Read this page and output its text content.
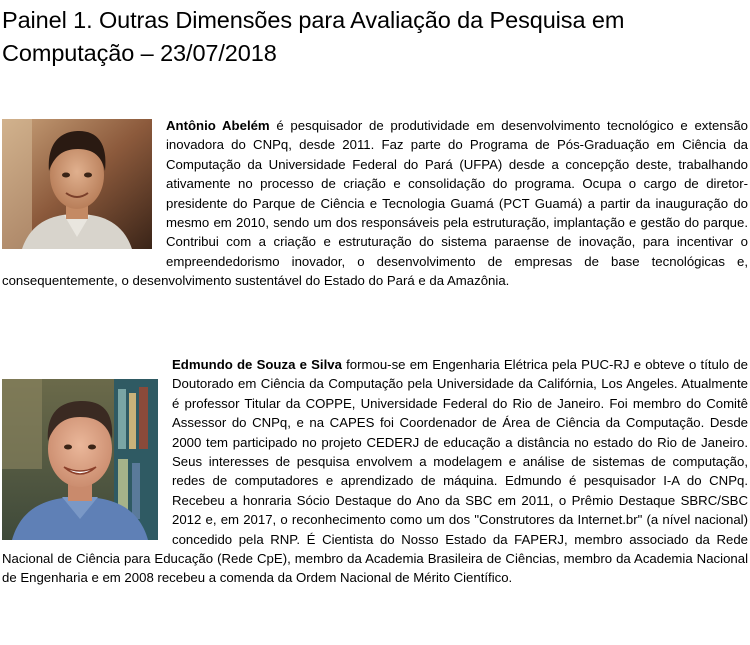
Painel 1. Outras Dimensões para Avaliação da Pesquisa em Computação – 23/07/2018

Antônio Abelém é pesquisador de produtividade em desenvolvimento tecnológico e extensão inovadora do CNPq, desde 2011. Faz parte do Programa de Pós-Graduação em Ciência da Computação da Universidade Federal do Pará (UFPA) desde a concepção deste, trabalhando ativamente no processo de criação e consolidação do programa. Ocupa o cargo de diretor-presidente do Parque de Ciência e Tecnologia Guamá (PCT Guamá) a partir da inauguração do mesmo em 2010, sendo um dos responsáveis pela estruturação, implantação e gestão do parque. Contribui com a criação e estruturação do sistema paraense de inovação, para incentivar o empreendedorismo inovador, o desenvolvimento de empresas de base tecnológicas e, consequentemente, o desenvolvimento sustentável do Estado do Pará e da Amazônia.

Edmundo de Souza e Silva formou-se em Engenharia Elétrica pela PUC-RJ e obteve o título de Doutorado em Ciência da Computação pela Universidade da Califórnia, Los Angeles. Atualmente é professor Titular da COPPE, Universidade Federal do Rio de Janeiro. Foi membro do Comitê Assessor do CNPq, e na CAPES foi Coordenador de Área de Ciência da Computação. Desde 2000 tem participado no projeto CEDERJ de educação a distância no estado do Rio de Janeiro. Seus interesses de pesquisa envolvem a modelagem e análise de sistemas de computação, redes de computadores e aprendizado de máquina. Edmundo é pesquisador I-A do CNPq. Recebeu a honraria Sócio Destaque do Ano da SBC em 2011, o Prêmio Destaque SBRC/SBC 2012 e, em 2017, o reconhecimento como um dos "Construtores da Internet.br" (a nível nacional) concedido pela RNP. É Cientista do Nosso Estado da FAPERJ, membro associado da Rede Nacional de Ciência para Educação (Rede CpE), membro da Academia Brasileira de Ciências, membro da Academia Nacional de Engenharia e em 2008 recebeu a comenda da Ordem Nacional de Mérito Científico.
